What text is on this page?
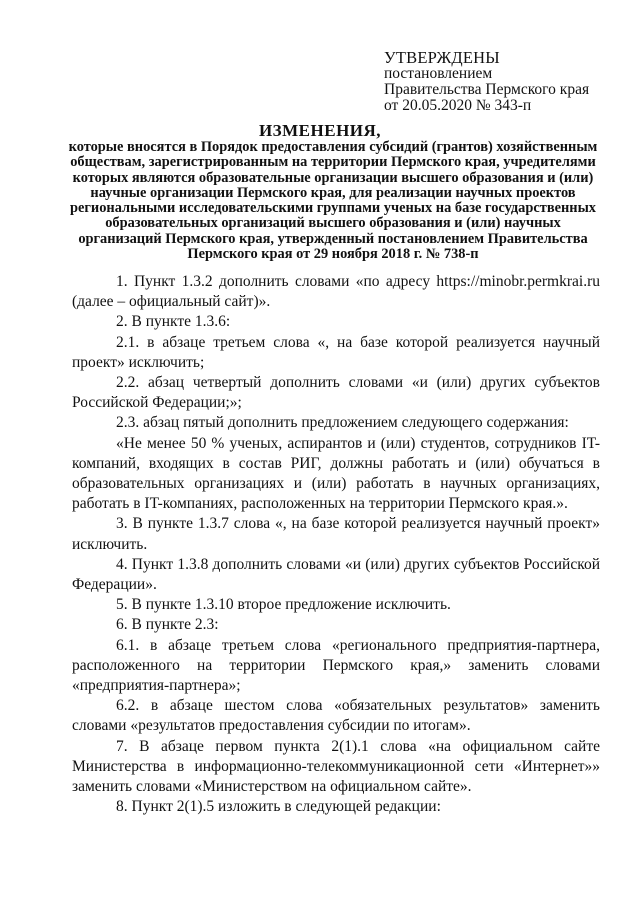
УТВЕРЖДЕНЫ
постановлением
Правительства Пермского края
от 20.05.2020 № 343-п
ИЗМЕНЕНИЯ,
которые вносятся в Порядок предоставления субсидий (грантов) хозяйственным обществам, зарегистрированным на территории Пермского края, учредителями которых являются образовательные организации высшего образования и (или) научные организации Пермского края, для реализации научных проектов региональными исследовательскими группами ученых на базе государственных образовательных организаций высшего образования и (или) научных организаций Пермского края, утвержденный постановлением Правительства Пермского края от 29 ноября 2018 г. № 738-п

1. Пункт 1.3.2 дополнить словами «по адресу https://minobr.permkrai.ru (далее – официальный сайт)».

2. В пункте 1.3.6:

2.1. в абзаце третьем слова «, на базе которой реализуется научный проект» исключить;

2.2. абзац четвертый дополнить словами «и (или) других субъектов Российской Федерации;»;

2.3. абзац пятый дополнить предложением следующего содержания:

«Не менее 50 % ученых, аспирантов и (или) студентов, сотрудников IT-компаний, входящих в состав РИГ, должны работать и (или) обучаться в образовательных организациях и (или) работать в научных организациях, работать в IT-компаниях, расположенных на территории Пермского края.».

3. В пункте 1.3.7 слова «, на базе которой реализуется научный проект» исключить.

4. Пункт 1.3.8 дополнить словами «и (или) других субъектов Российской Федерации».

5. В пункте 1.3.10 второе предложение исключить.

6. В пункте 2.3:

6.1. в абзаце третьем слова «регионального предприятия-партнера, расположенного на территории Пермского края,» заменить словами «предприятия-партнера»;

6.2. в абзаце шестом слова «обязательных результатов» заменить словами «результатов предоставления субсидии по итогам».

7. В абзаце первом пункта 2(1).1 слова «на официальном сайте Министерства в информационно-телекоммуникационной сети «Интернет»» заменить словами «Министерством на официальном сайте».

8. Пункт 2(1).5 изложить в следующей редакции:
